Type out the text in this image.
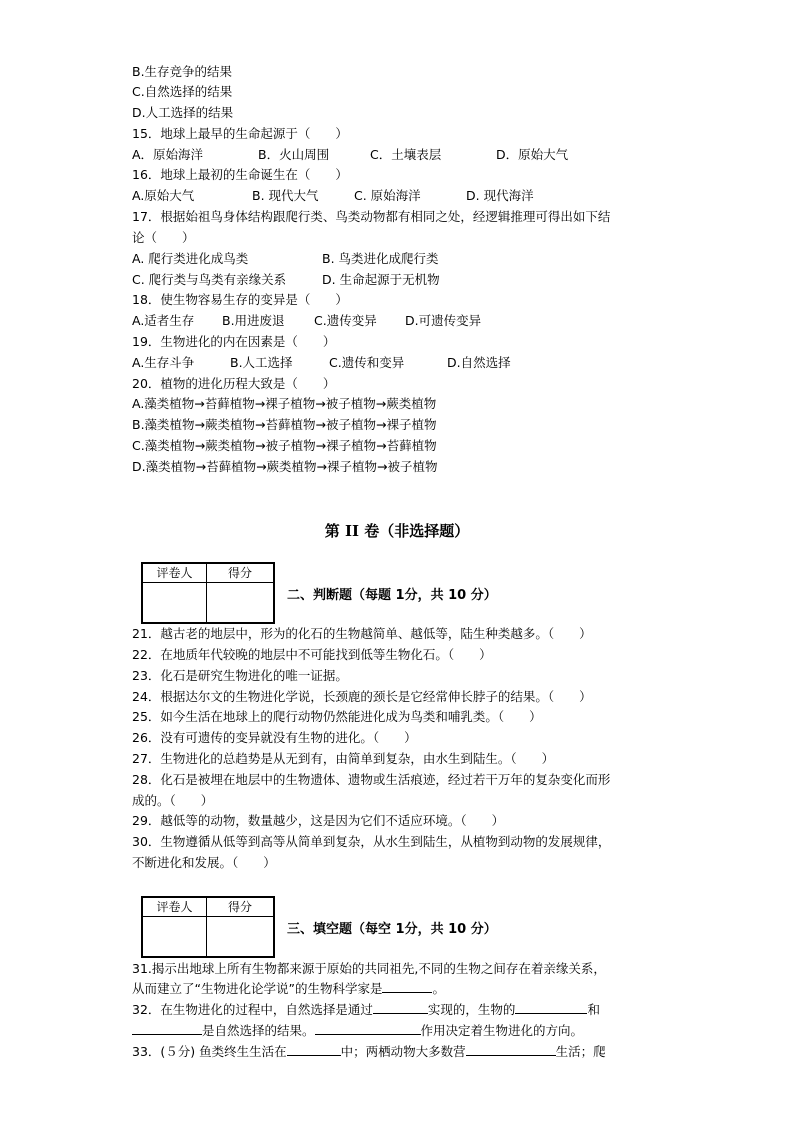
B.生存竞争的结果
C.自然选择的结果
D.人工选择的结果
15．地球上最早的生命起源于（　　）
A．原始海洋	B．火山周围	C．土壤表层	D．原始大气
16．地球上最初的生命诞生在（　　）
A.原始大气	B. 现代大气	C. 原始海洋	D. 现代海洋
17．根据始祖鸟身体结构跟爬行类、鸟类动物都有相同之处，经逻辑推理可得出如下结
论（　　）
A. 爬行类进化成鸟类	B. 鸟类进化成爬行类
C. 爬行类与鸟类有亲缘关系	D. 生命起源于无机物
18．使生物容易生存的变异是（　　）
A.适者生存 B.用进废退 C.遗传变异 D.可遗传变异
19．生物进化的内在因素是（　　）
A.生存斗争	B.人工选择	C.遗传和变异	D.自然选择
20．植物的进化历程大致是（　　）
A.藻类植物→苔藓植物→裸子植物→被子植物→蕨类植物
B.藻类植物→蕨类植物→苔藓植物→被子植物→裸子植物
C.藻类植物→蕨类植物→被子植物→裸子植物→苔藓植物
D.藻类植物→苔藓植物→蕨类植物→裸子植物→被子植物
第 II 卷（非选择题）
评卷人	得分
二、判断题（每题 1分，共 10 分）
21．越古老的地层中，形为的化石的生物越简单、越低等，陆生种类越多。（　　）
22．在地质年代较晚的地层中不可能找到低等生物化石。（　　）
23．化石是研究生物进化的唯一证据。
24．根据达尔文的生物进化学说，长颈鹿的颈长是它经常伸长脖子的结果。（　　）
25．如今生活在地球上的爬行动物仍然能进化成为鸟类和哺乳类。（　　）
26．没有可遗传的变异就没有生物的进化。（　　）
27．生物进化的总趋势是从无到有，由简单到复杂，由水生到陆生。（　　）
28．化石是被埋在地层中的生物遗体、遗物或生活痕迹，经过若干万年的复杂变化而形
成的。（　　）
29．越低等的动物，数量越少，这是因为它们不适应环境。（　　）
30．生物遵循从低等到高等从简单到复杂，从水生到陆生，从植物到动物的发展规律，
不断进化和发展。（　　）
评卷人	得分
三、填空题（每空 1分，共 10 分）
31.揭示出地球上所有生物都来源于原始的共同祖先,不同的生物之间存在着亲缘关系，
从而建立了“生物进化论学说”的生物科学家是	。
32．在生物进化的过程中，自然选择是通过	实现的，生物的	和
是自然选择的结果。	作用决定着生物进化的方向。
33．(５分) 鱼类终生生活在	中；两栖动物大多数营	生活；爬
